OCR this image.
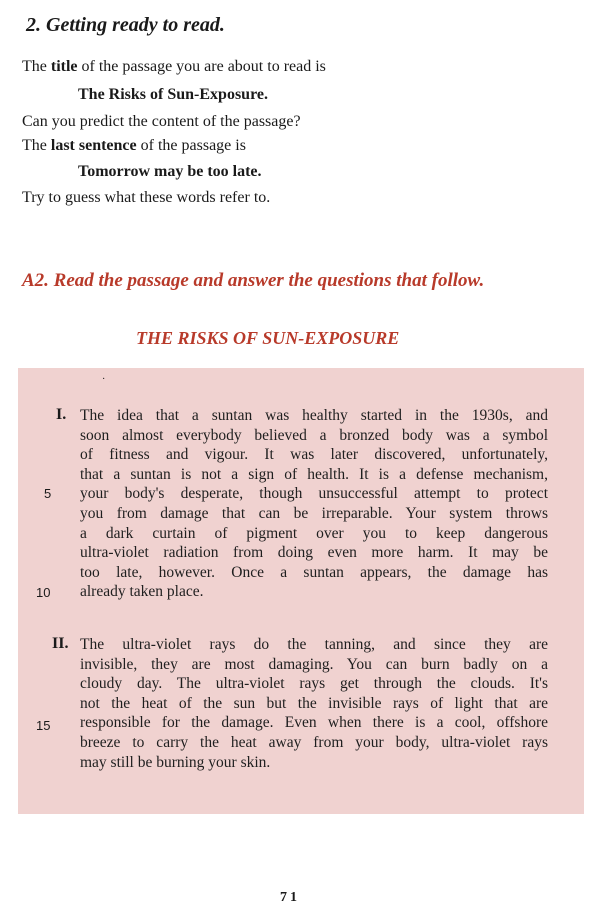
2. Getting ready to read.
The title of the passage you are about to read is
The Risks of Sun-Exposure.
Can you predict the content of the passage?
The last sentence of the passage is
Tomorrow may be too late.
Try to guess what these words refer to.
A2. Read the passage and answer the questions that follow.
THE RISKS OF SUN-EXPOSURE
·
I. The idea that a suntan was healthy started in the 1930s, and
soon almost everybody believed a bronzed body was a symbol
of fitness and vigour. It was later discovered, unfortunately,
that a suntan is not a sign of health. It is a defense mechanism,
your body's desperate, though unsuccessful attempt to protect
you from damage that can be irreparable. Your system throws
a dark curtain of pigment over you to keep dangerous
ultra-violet radiation from doing even more harm. It may be
too late, however. Once a suntan appears, the damage has
already taken place.
5
10
II. The ultra-violet rays do the tanning, and since they are
invisible, they are most damaging. You can burn badly on a
cloudy day. The ultra-violet rays get through the clouds. It's
not the heat of the sun but the invisible rays of light that are
responsible for the damage. Even when there is a cool, offshore
breeze to carry the heat away from your body, ultra-violet rays
may still be burning your skin.
15
71
